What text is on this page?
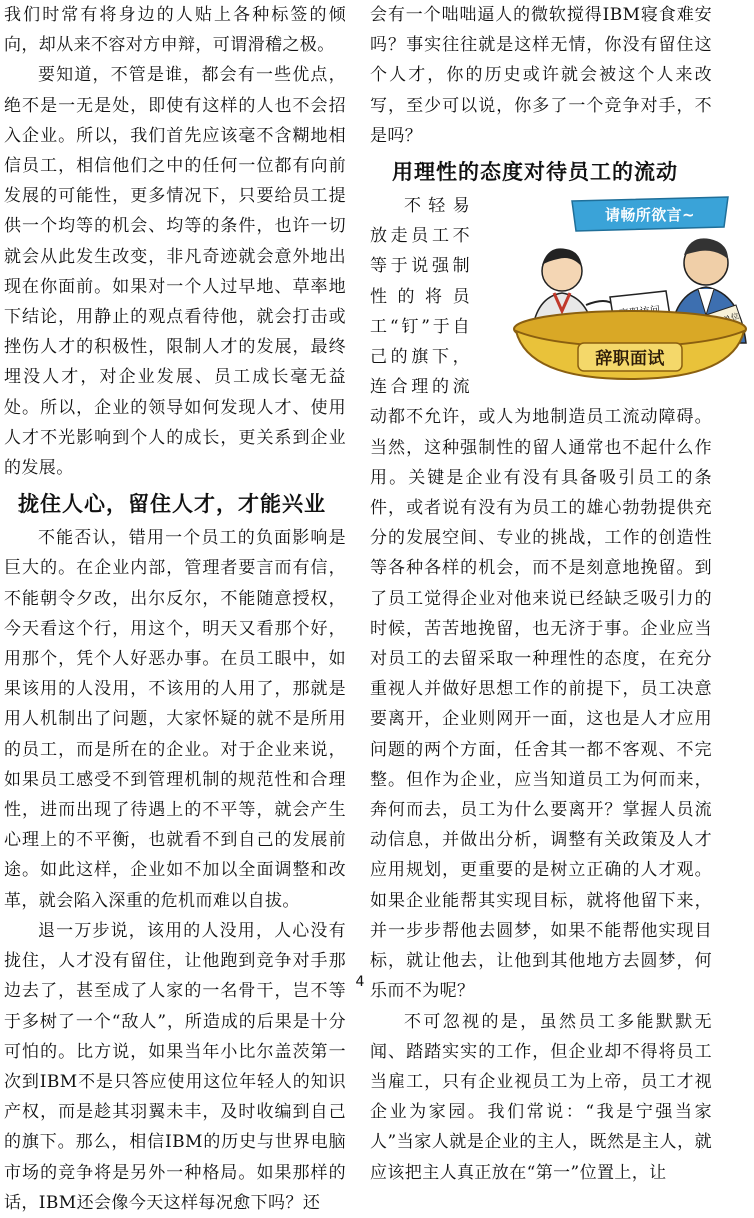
我们时常有将身边的人贴上各种标签的倾向，却从来不容对方申辩，可谓滑稽之极。

要知道，不管是谁，都会有一些优点，绝不是一无是处，即使有这样的人也不会招入企业。所以，我们首先应该毫不含糊地相信员工，相信他们之中的任何一位都有向前发展的可能性，更多情况下，只要给员工提供一个均等的机会、均等的条件，也许一切就会从此发生改变，非凡奇迹就会意外地出现在你面前。如果对一个人过早地、草率地下结论，用静止的观点看待他，就会打击或挫伤人才的积极性，限制人才的发展，最终埋没人才，对企业发展、员工成长毫无益处。所以，企业的领导如何发现人才、使用人才不光影响到个人的成长，更关系到企业的发展。

拢住人心，留住人才，才能兴业

不能否认，错用一个员工的负面影响是巨大的。在企业内部，管理者要言而有信，不能朝令夕改，出尔反尔，不能随意授权，今天看这个行，用这个，明天又看那个好，用那个，凭个人好恶办事。在员工眼中，如果该用的人没用，不该用的人用了，那就是用人机制出了问题，大家怀疑的就不是所用的员工，而是所在的企业。对于企业来说，如果员工感受不到管理机制的规范性和合理性，进而出现了待遇上的不平等，就会产生心理上的不平衡，也就看不到自己的发展前途。如此这样，企业如不加以全面调整和改革，就会陷入深重的危机而难以自拔。

退一万步说，该用的人没用，人心没有拢住，人才没有留住，让他跑到竞争对手那边去了，甚至成了人家的一名骨干，岂不等于多树了一个“敌人”，所造成的后果是十分可怕的。比方说，如果当年小比尔盖茨第一次到IBM不是只答应使用这位年轻人的知识产权，而是趁其羽翼未丰，及时收编到自己的旗下。那么，相信IBM的历史与世界电脑市场的竞争将是另外一种格局。如果那样的话，IBM还会像今天这样每况愈下吗？还

会有一个咄咄逼人的微软搅得IBM寝食难安吗？事实往往就是这样无情，你没有留住这个人才，你的历史或许就会被这个人来改写，至少可以说，你多了一个竞争对手，不是吗？

用理性的态度对待员工的流动

请畅所欲言~
辞职面试
不轻易放走员工不等于说强制性的将员工“钉”于自己的旗下，连合理的流动都不允许，或人为地制造员工流动障碍。当然，这种强制性的留人通常也不起什么作用。关键是企业有没有具备吸引员工的条件，或者说有没有为员工的雄心勃勃提供充分的发展空间、专业的挑战，工作的创造性等各种各样的机会，而不是刻意地挽留。到了员工觉得企业对他来说已经缺乏吸引力的时候，苦苦地挽留，也无济于事。企业应当对员工的去留采取一种理性的态度，在充分重视人并做好思想工作的前提下，员工决意要离开，企业则网开一面，这也是人才应用问题的两个方面，任舍其一都不客观、不完整。但作为企业，应当知道员工为何而来，奔何而去，员工为什么要离开？掌握人员流动信息，并做出分析，调整有关政策及人才应用规划，更重要的是树立正确的人才观。如果企业能帮其实现目标，就将他留下来，并一步步帮他去圆梦，如果不能帮他实现目标，就让他去，让他到其他地方去圆梦，何乐而不为呢？

不可忽视的是，虽然员工多能默默无闻、踏踏实实的工作，但企业却不得将员工当雇工，只有企业视员工为上帝，员工才视企业为家园。我们常说：“我是宁强当家人”当家人就是企业的主人，既然是主人，就应该把主人真正放在“第一”位置上，让

4
